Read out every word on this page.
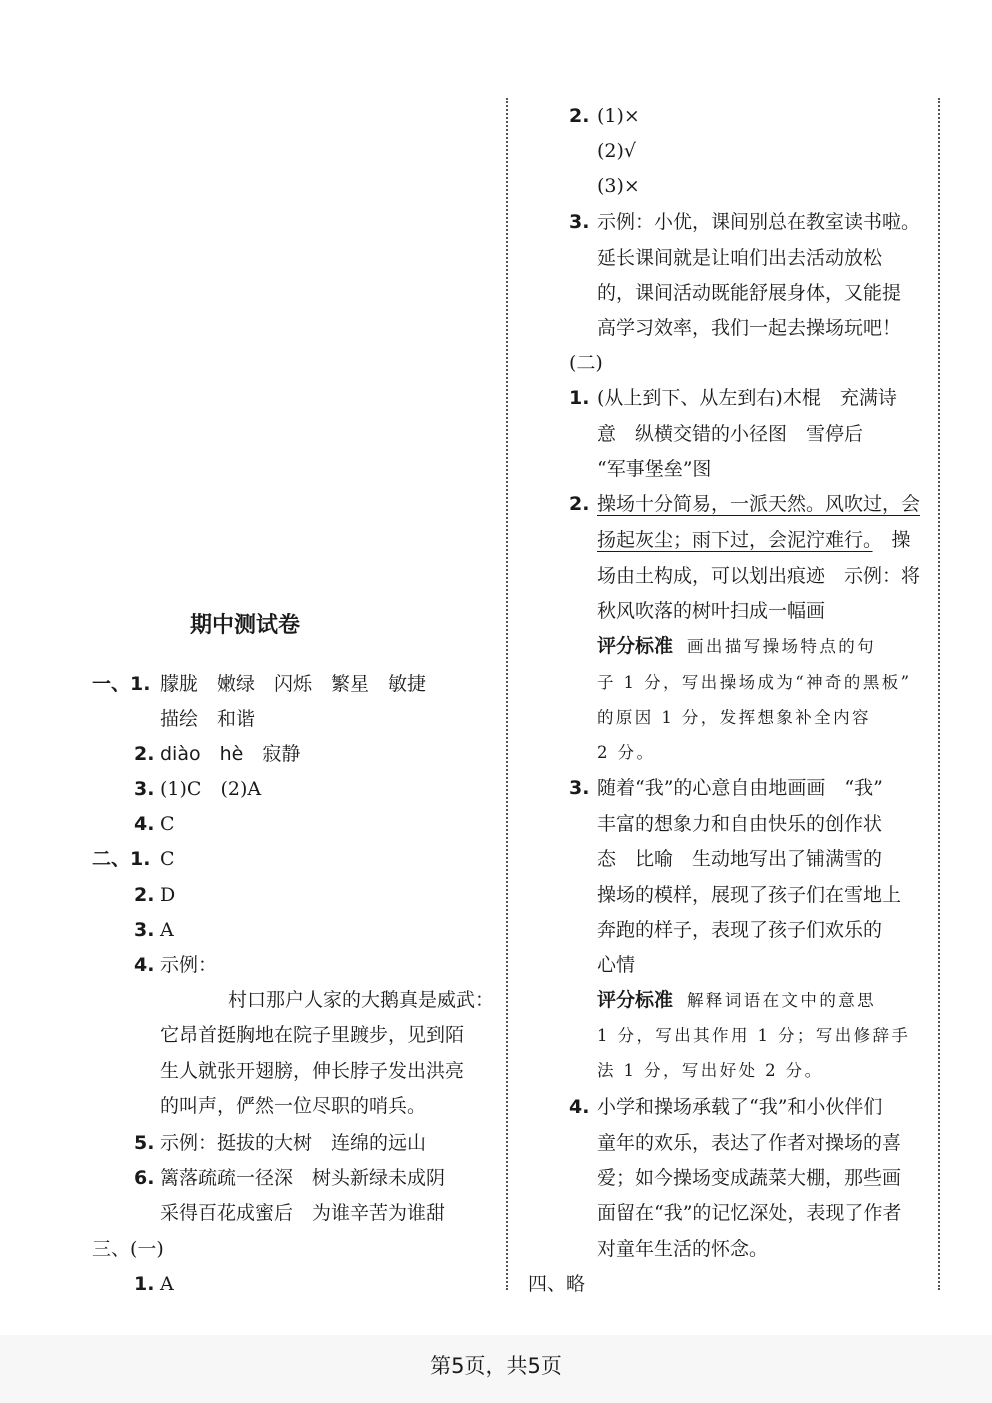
期中测试卷
一、1. 朦胧　嫩绿　闪烁　繁星　敏捷
描绘　和谐
2. diào　hè　寂静
3. (1)C　(2)A
4. C
二、1. C
2. D
3. A
4. 示例：
村口那户人家的大鹅真是威武：
它昂首挺胸地在院子里踱步，见到陌
生人就张开翅膀，伸长脖子发出洪亮
的叫声，俨然一位尽职的哨兵。
5. 示例：挺拔的大树　连绵的远山
6. 篱落疏疏一径深　树头新绿未成阴
采得百花成蜜后　为谁辛苦为谁甜
三、(一)
1. A
2. (1)×
(2)√
(3)×
3. 示例：小优，课间别总在教室读书啦。
延长课间就是让咱们出去活动放松
的，课间活动既能舒展身体，又能提
高学习效率，我们一起去操场玩吧！
(二)
1. (从上到下、从左到右)木棍　充满诗
意　纵横交错的小径图　雪停后
“军事堡垒”图
2. 操场十分简易，一派天然。风吹过，会
扬起灰尘；雨下过，会泥泞难行。　操
场由土构成，可以划出痕迹　示例：将
秋风吹落的树叶扫成一幅画
评分标准 画出描写操场特点的句
子 1 分，写出操场成为“神奇的黑板”
的原因 1 分，发挥想象补全内容
2 分。
3. 随着“我”的心意自由地画画　“我”
丰富的想象力和自由快乐的创作状
态　比喻　生动地写出了铺满雪的
操场的模样，展现了孩子们在雪地上
奔跑的样子，表现了孩子们欢乐的
心情
评分标准 解释词语在文中的意思
1 分，写出其作用 1 分；写出修辞手
法 1 分，写出好处 2 分。
4. 小学和操场承载了“我”和小伙伴们
童年的欢乐，表达了作者对操场的喜
爱；如今操场变成蔬菜大棚，那些画
面留在“我”的记忆深处，表现了作者
对童年生活的怀念。
四、略
第5页，共5页
